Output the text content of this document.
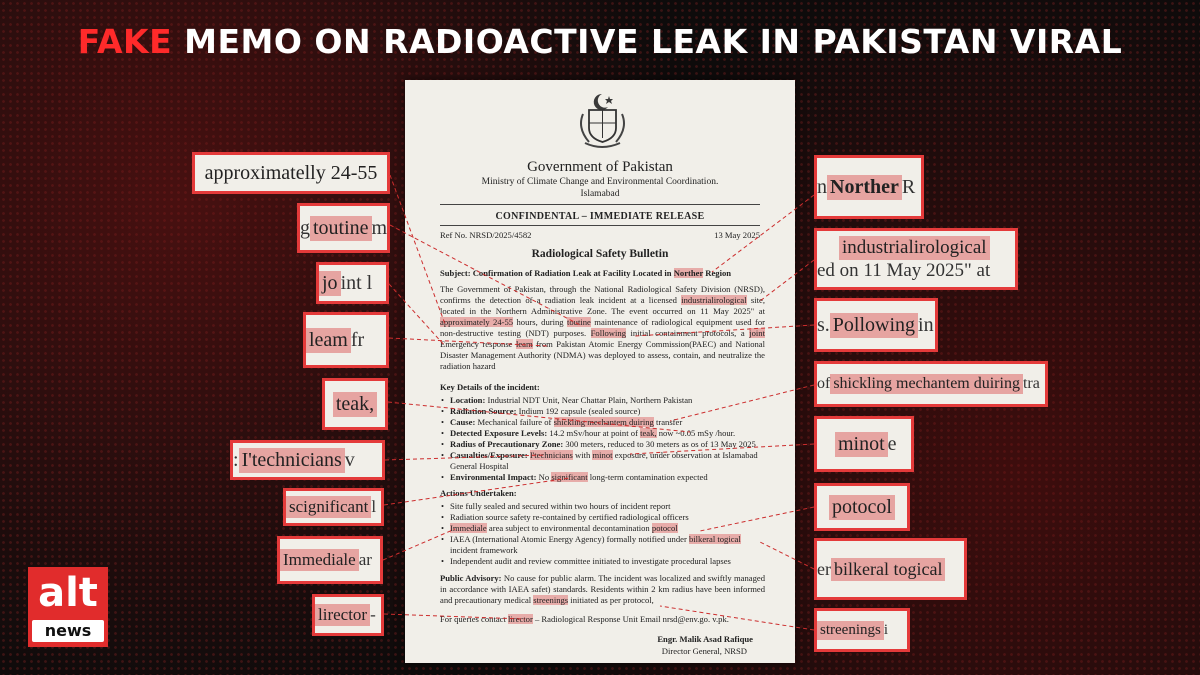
FAKE MEMO ON RADIOACTIVE LEAK IN PAKISTAN VIRAL
Government of Pakistan
Ministry of Climate Change and Environmental Coordination.
Islamabad
CONFINDENTAL – IMMEDIATE RELEASE
Ref No. NRSD/2025/4582	13 May 2025
Radiological Safety Bulletin
Subject: Confirmation of Radiation Leak at Facility Located in Norther Region
The Government of Pakistan, through the National Radiological Safety Division (NRSD), confirms the detection of a radiation leak incident at a licensed industrialirological site, located in the Northern Administrative Zone. The event occurred on 11 May 2025" at approximately 24-55 hours, during toutine maintenance of radiological equipment used for non-destructive testing (NDT) purposes. Following initial containment protocols, a joint Emergency response leam from Pakistan Atomic Energy Commission(PAEC) and National Disaster Management Authority (NDMA) was deployed to assess, contain, and neutralize the radiation hazard
Key Details of the incident:
• Location: Industrial NDT Unit, Near Chattar Plain, Northern Pakistan
• Radiation Source: Indium 192 capsule (sealed source)
• Cause: Mechanical failure of shickling mechantem duiring transfer
• Detected Exposure Levels: 14.2 mSv/hour at point of teak, now ~0.05 mSy /hour.
• Radius of Precautionary Zone: 300 meters, reduced to 30 meters as os of 13 May 2025
• Casualties/Exposure: I'technicians with minot exposure, under observation at Islamabad General Hospital
• Environmental Impact: No significant long-term contamination expected
Actions Undertaken:
• Site fully sealed and secured within two hours of incident report
• Radiation source safety re-contained by certified radiological officers
• Immediale area subject to environmental decontamination potocol
• IAEA (International Atomic Energy Agency) formally notified under bilkeral togical incident framework
• Independent audit and review committee initiated to investigate procedural lapses
Public Advisory: No cause for public alarm. The incident was localized and swiftly managed in accordance with IAEA safet) standards. Residents within 2 km radius have been informed and precautionary medical streenings initiated as per protocol,
For queries contact lirector – Radiological Response Unit Email nrsd@env.go. v.pk.
Engr. Malik Asad Rafique
Director General, NRSD
approximatelly 24-55
g toutine m
jo int l
leam fr
teak,
: I'technicians v
scignificant l
Immediale ar
lirector -
n Norther R
industrialirological
ed on 11 May 2025" at
s. Pollowing in
of shickling mechantem duiring tra
minot e
potocol
er bilkeral togical
streenings i
alt
news
